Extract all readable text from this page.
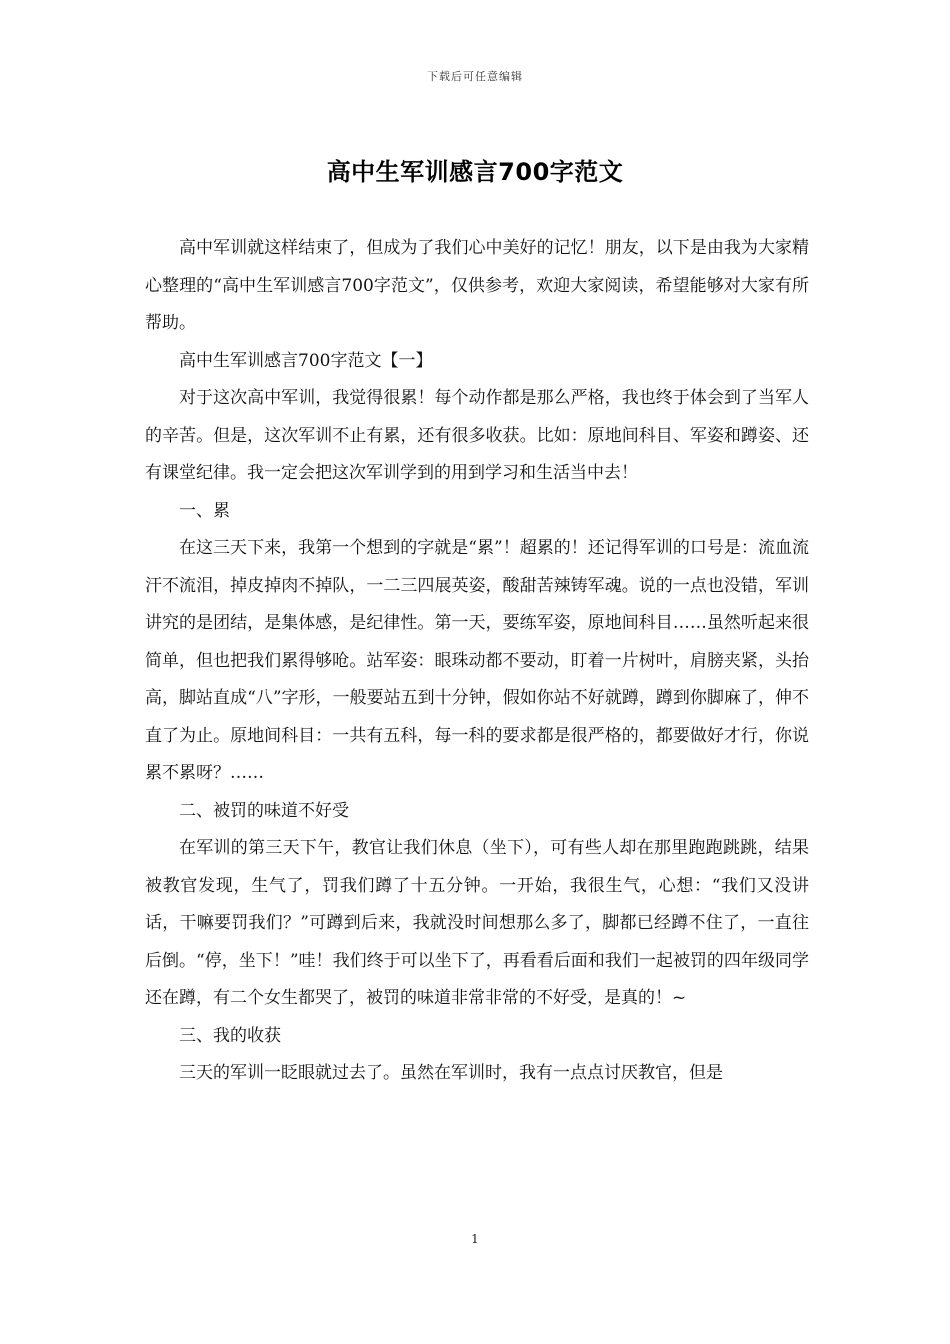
下载后可任意编辑
高中生军训感言700字范文

高中军训就这样结束了，但成为了我们心中美好的记忆！朋友，以下是由我为大家精心整理的“高中生军训感言700字范文”，仅供参考，欢迎大家阅读，希望能够对大家有所帮助。

高中生军训感言700字范文【一】

对于这次高中军训，我觉得很累！每个动作都是那么严格，我也终于体会到了当军人的辛苦。但是，这次军训不止有累，还有很多收获。比如：原地间科目、军姿和蹲姿、还有课堂纪律。我一定会把这次军训学到的用到学习和生活当中去！

一、累

在这三天下来，我第一个想到的字就是“累”！超累的！还记得军训的口号是：流血流汗不流泪，掉皮掉肉不掉队，一二三四展英姿，酸甜苦辣铸军魂。说的一点也没错，军训讲究的是团结，是集体感，是纪律性。第一天，要练军姿，原地间科目……虽然听起来很简单，但也把我们累得够呛。站军姿：眼珠动都不要动，盯着一片树叶，肩膀夹紧，头抬高，脚站直成“八”字形，一般要站五到十分钟，假如你站不好就蹲，蹲到你脚麻了，伸不直了为止。原地间科目：一共有五科，每一科的要求都是很严格的，都要做好才行，你说累不累呀？……

二、被罚的味道不好受

在军训的第三天下午，教官让我们休息（坐下），可有些人却在那里跑跑跳跳，结果被教官发现，生气了，罚我们蹲了十五分钟。一开始，我很生气，心想：“我们又没讲话，干嘛要罚我们？”可蹲到后来，我就没时间想那么多了，脚都已经蹲不住了，一直往后倒。“停，坐下！”哇！我们终于可以坐下了，再看看后面和我们一起被罚的四年级同学还在蹲，有二个女生都哭了，被罚的味道非常非常的不好受，是真的！~

三、我的收获

三天的军训一眨眼就过去了。虽然在军训时，我有一点点讨厌教官，但是

1
